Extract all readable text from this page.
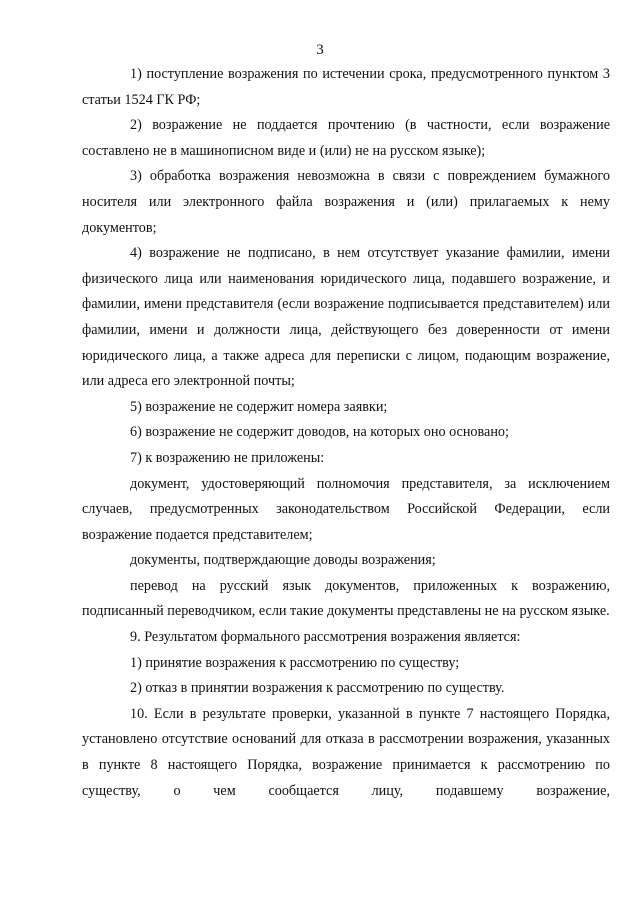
3

1) поступление возражения по истечении срока, предусмотренного пунктом 3 статьи 1524 ГК РФ;

2) возражение не поддается прочтению (в частности, если возражение составлено не в машинописном виде и (или) не на русском языке);

3) обработка возражения невозможна в связи с повреждением бумажного носителя или электронного файла возражения и (или) прилагаемых к нему документов;

4) возражение не подписано, в нем отсутствует указание фамилии, имени физического лица или наименования юридического лица, подавшего возражение, и фамилии, имени представителя (если возражение подписывается представителем) или фамилии, имени и должности лица, действующего без доверенности от имени юридического лица, а также адреса для переписки с лицом, подающим возражение, или адреса его электронной почты;

5) возражение не содержит номера заявки;

6) возражение не содержит доводов, на которых оно основано;

7) к возражению не приложены:

документ, удостоверяющий полномочия представителя, за исключением случаев, предусмотренных законодательством Российской Федерации, если возражение подается представителем;

документы, подтверждающие доводы возражения;

перевод на русский язык документов, приложенных к возражению, подписанный переводчиком, если такие документы представлены не на русском языке.

9. Результатом формального рассмотрения возражения является:

1) принятие возражения к рассмотрению по существу;

2) отказ в принятии возражения к рассмотрению по существу.

10. Если в результате проверки, указанной в пункте 7 настоящего Порядка, установлено отсутствие оснований для отказа в рассмотрении возражения, указанных в пункте 8 настоящего Порядка, возражение принимается к рассмотрению по существу, о чем сообщается лицу, подавшему возражение,
